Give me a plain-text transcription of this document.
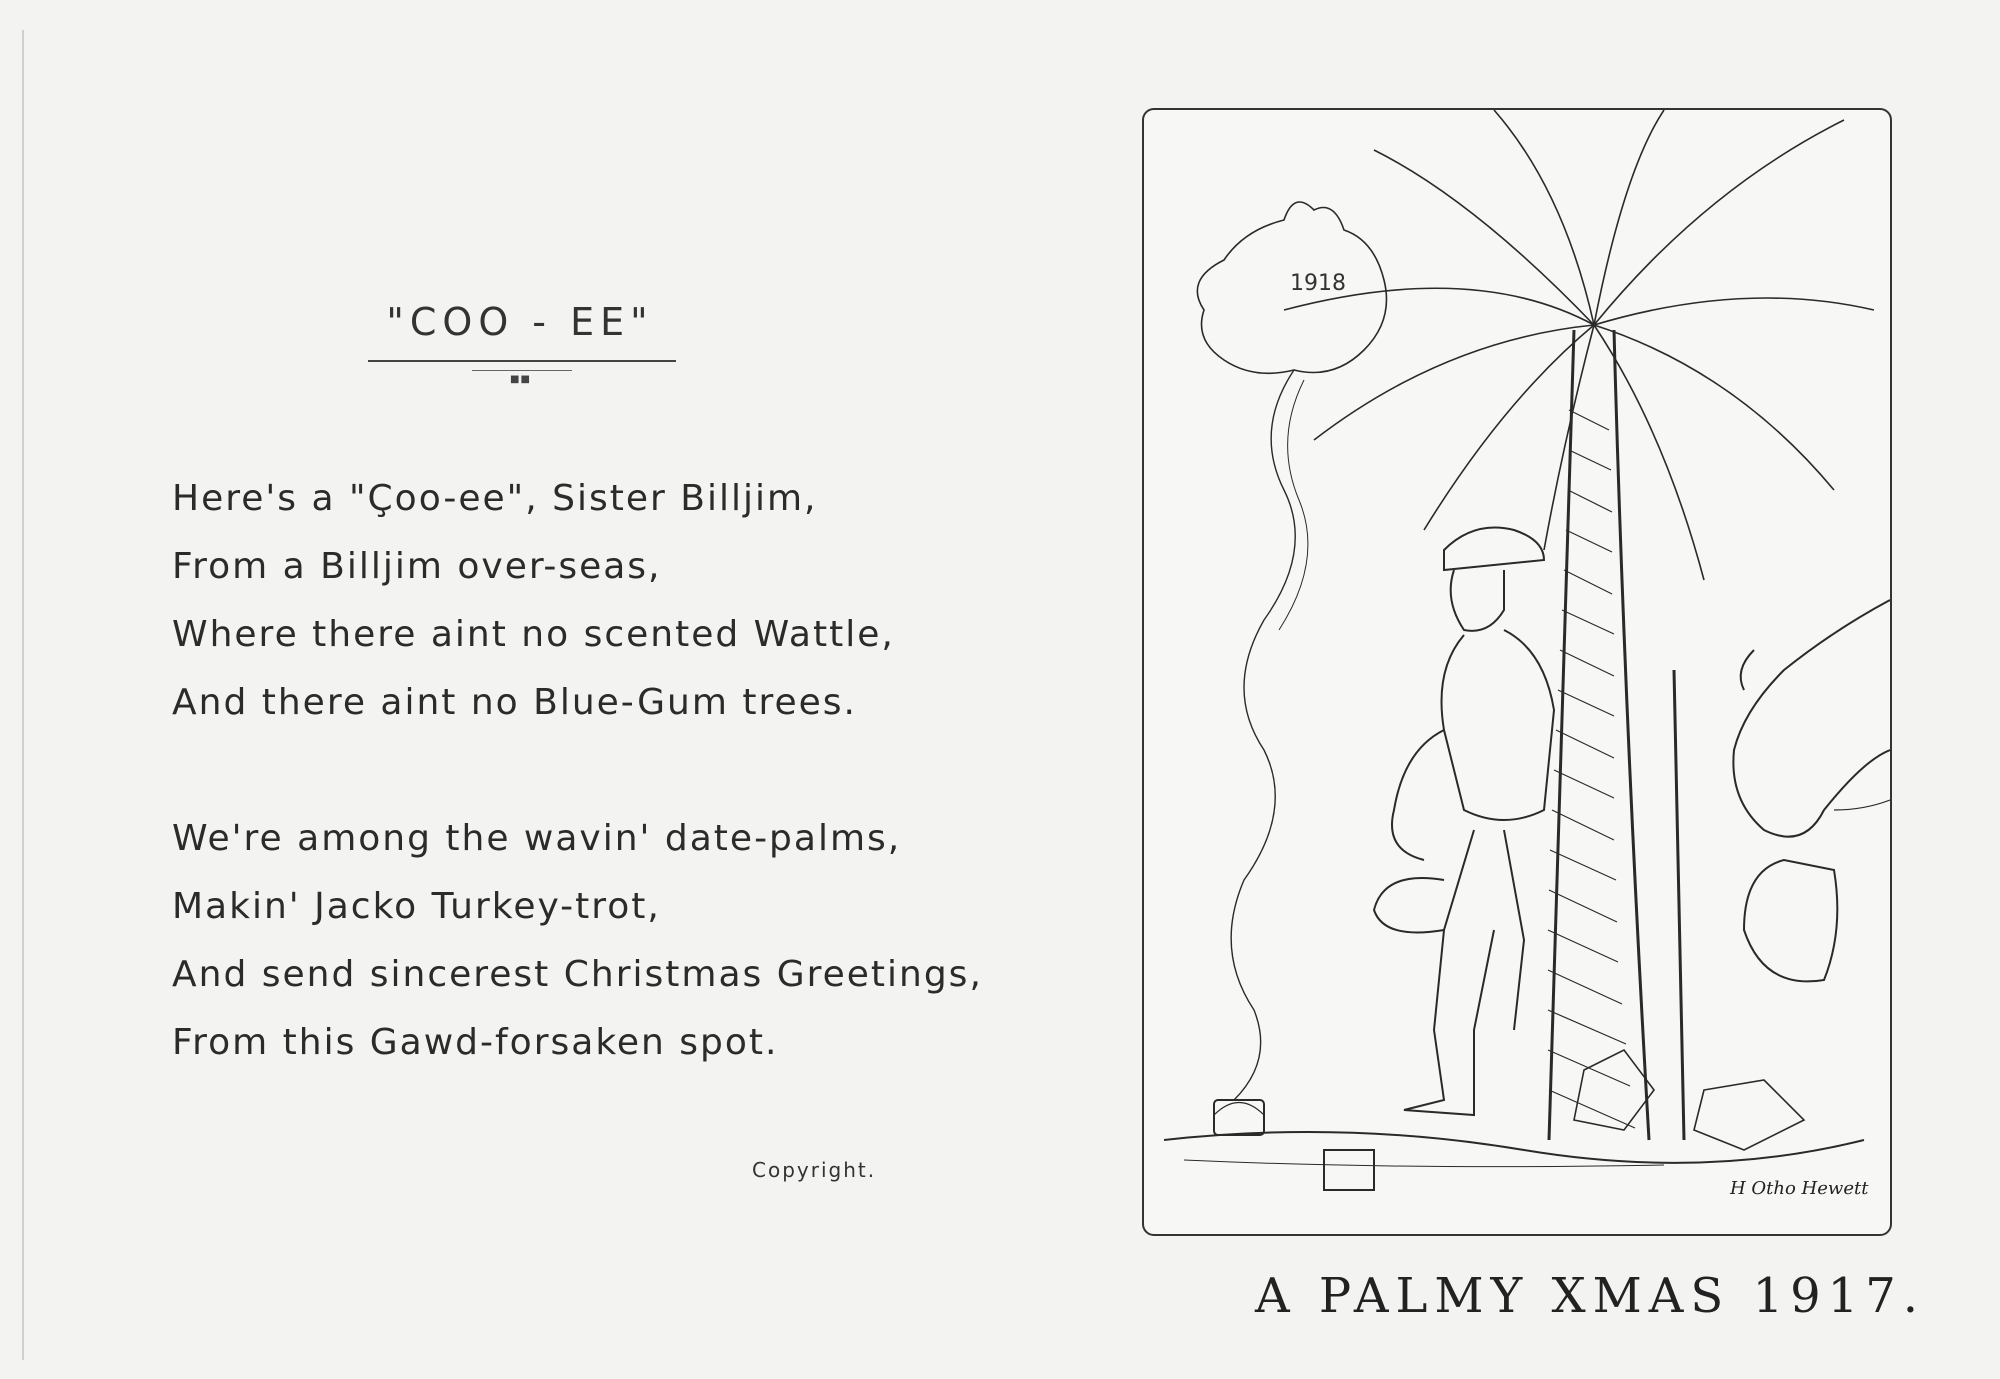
"COO - EE"
■■
Here's a "Çoo-ee", Sister Billjim,
From a Billjim over-seas,
Where there aint no scented Wattle,
And there aint no Blue-Gum trees.
We're among the wavin' date-palms,
Makin' Jacko Turkey-trot,
And send sincerest Christmas Greetings,
From this Gawd-forsaken spot.
Copyright.
1918
H Otho Hewett
A PALMY XMAS 1917.
